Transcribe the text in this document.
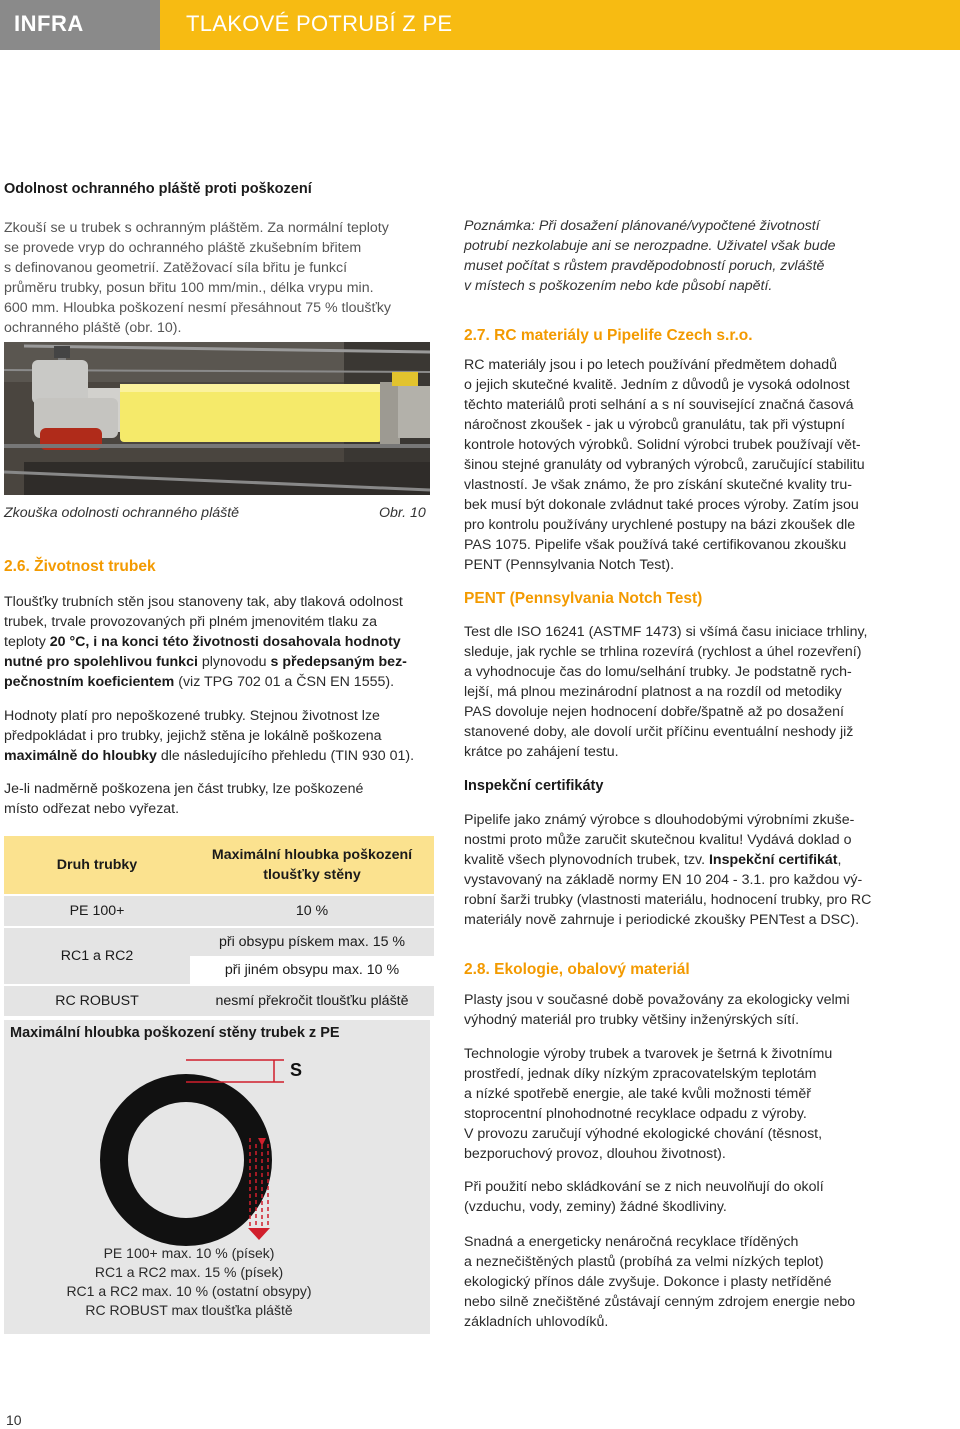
INFRA	TLAKOVÉ POTRUBÍ Z PE

Odolnost ochranného pláště proti poškození

Zkouší se u trubek s ochranným pláštěm. Za normální teploty
se provede vryp do ochranného pláště zkušebním břitem
s definovanou geometrií. Zatěžovací síla břitu je funkcí
průměru trubky, posun břitu 100 mm/min., délka vrypu min.
600 mm. Hloubka poškození nesmí přesáhnout 75 % tloušťky
ochranného pláště (obr. 10).
Zkouška odolnosti ochranného pláště	Obr. 10

2.6. Životnost trubek

Tloušťky trubních stěn jsou stanoveny tak, aby tlaková odolnost
trubek, trvale provozovaných při plném jmenovitém tlaku za
teploty 20 °C, i na konci této životnosti dosahovala hodnoty
nutné pro spolehlivou funkci plynovodu s předepsaným bez-
pečnostním koeficientem (viz TPG 702 01 a ČSN EN 1555).
Hodnoty platí pro nepoškozené trubky. Stejnou životnost lze
předpokládat i pro trubky, jejichž stěna je lokálně poškozena
maximálně do hloubky dle následujícího přehledu (TIN 930 01).
Je-li nadměrně poškozena jen část trubky, lze poškozené
místo odřezat nebo vyřezat.
Druh trubky	Maximální hloubka poškození
tloušťky stěny

PE 100+	10 %
RC1 a RC2	při obsypu pískem max. 15 %
	při jiném obsypu max. 10 %
RC ROBUST	nesmí překročit tloušťku pláště
Maximální hloubka poškození stěny trubek z PE
S
PE 100+ max. 10 % (písek)
RC1 a RC2 max. 15 % (písek)
RC1 a RC2 max. 10 % (ostatní obsypy)
RC ROBUST max tloušťka pláště
Poznámka: Při dosažení plánované/vypočtené životností
potrubí nezkolabuje ani se nerozpadne. Uživatel však bude
muset počítat s růstem pravděpodobností poruch, zvláště
v místech s poškozením nebo kde působí napětí.

2.7. RC materiály u Pipelife Czech s.r.o.

RC materiály jsou i po letech používání předmětem dohadů
o jejich skutečné kvalitě. Jedním z důvodů je vysoká odolnost
těchto materiálů proti selhání a s ní související značná časová
náročnost zkoušek - jak u výrobců granulátu, tak při výstupní
kontrole hotových výrobků. Solidní výrobci trubek používají vět-
šinou stejné granuláty od vybraných výrobců, zaručující stabilitu
vlastností. Je však známo, že pro získání skutečné kvality tru-
bek musí být dokonale zvládnut také proces výroby. Zatím jsou
pro kontrolu používány urychlené postupy na bázi zkoušek dle
PAS 1075. Pipelife však používá také certifikovanou zkoušku
PENT (Pennsylvania Notch Test).

PENT (Pennsylvania Notch Test)

Test dle ISO 16241 (ASTMF 1473) si všímá času iniciace trhliny,
sleduje, jak rychle se trhlina rozevírá (rychlost a úhel rozevření)
a vyhodnocuje čas do lomu/selhání trubky. Je podstatně rych-
lejší, má plnou mezinárodní platnost a na rozdíl od metodiky
PAS dovoluje nejen hodnocení dobře/špatně až po dosažení
stanovené doby, ale dovolí určit příčinu eventuální neshody již
krátce po zahájení testu.

Inspekční certifikáty

Pipelife jako známý výrobce s dlouhodobými výrobními zkuše-
nostmi proto může zaručit skutečnou kvalitu! Vydává doklad o
kvalitě všech plynovodních trubek, tzv. Inspekční certifikát,
vystavovaný na základě normy EN 10 204 - 3.1. pro každou vý-
robní šarži trubky (vlastnosti materiálu, hodnocení trubky, pro RC
materiály nově zahrnuje i periodické zkoušky PENTest a DSC).

2.8. Ekologie, obalový materiál

Plasty jsou v současné době považovány za ekologicky velmi
výhodný materiál pro trubky většiny inženýrských sítí.
Technologie výroby trubek a tvarovek je šetrná k životnímu
prostředí, jednak díky nízkým zpracovatelským teplotám
a nízké spotřebě energie, ale také kvůli možnosti téměř
stoprocentní plnohodnotné recyklace odpadu z výroby.
V provozu zaručují výhodné ekologické chování (těsnost,
bezporuchový provoz, dlouhou životnost).
Při použití nebo skládkování se z nich neuvolňují do okolí
(vzduchu, vody, zeminy) žádné škodliviny.
Snadná a energeticky nenáročná recyklace tříděných
a neznečištěných plastů (probíhá za velmi nízkých teplot)
ekologický přínos dále zvyšuje. Dokonce i plasty netříděné
nebo silně znečištěné zůstávají cenným zdrojem energie nebo
základních uhlovodíků.
10
